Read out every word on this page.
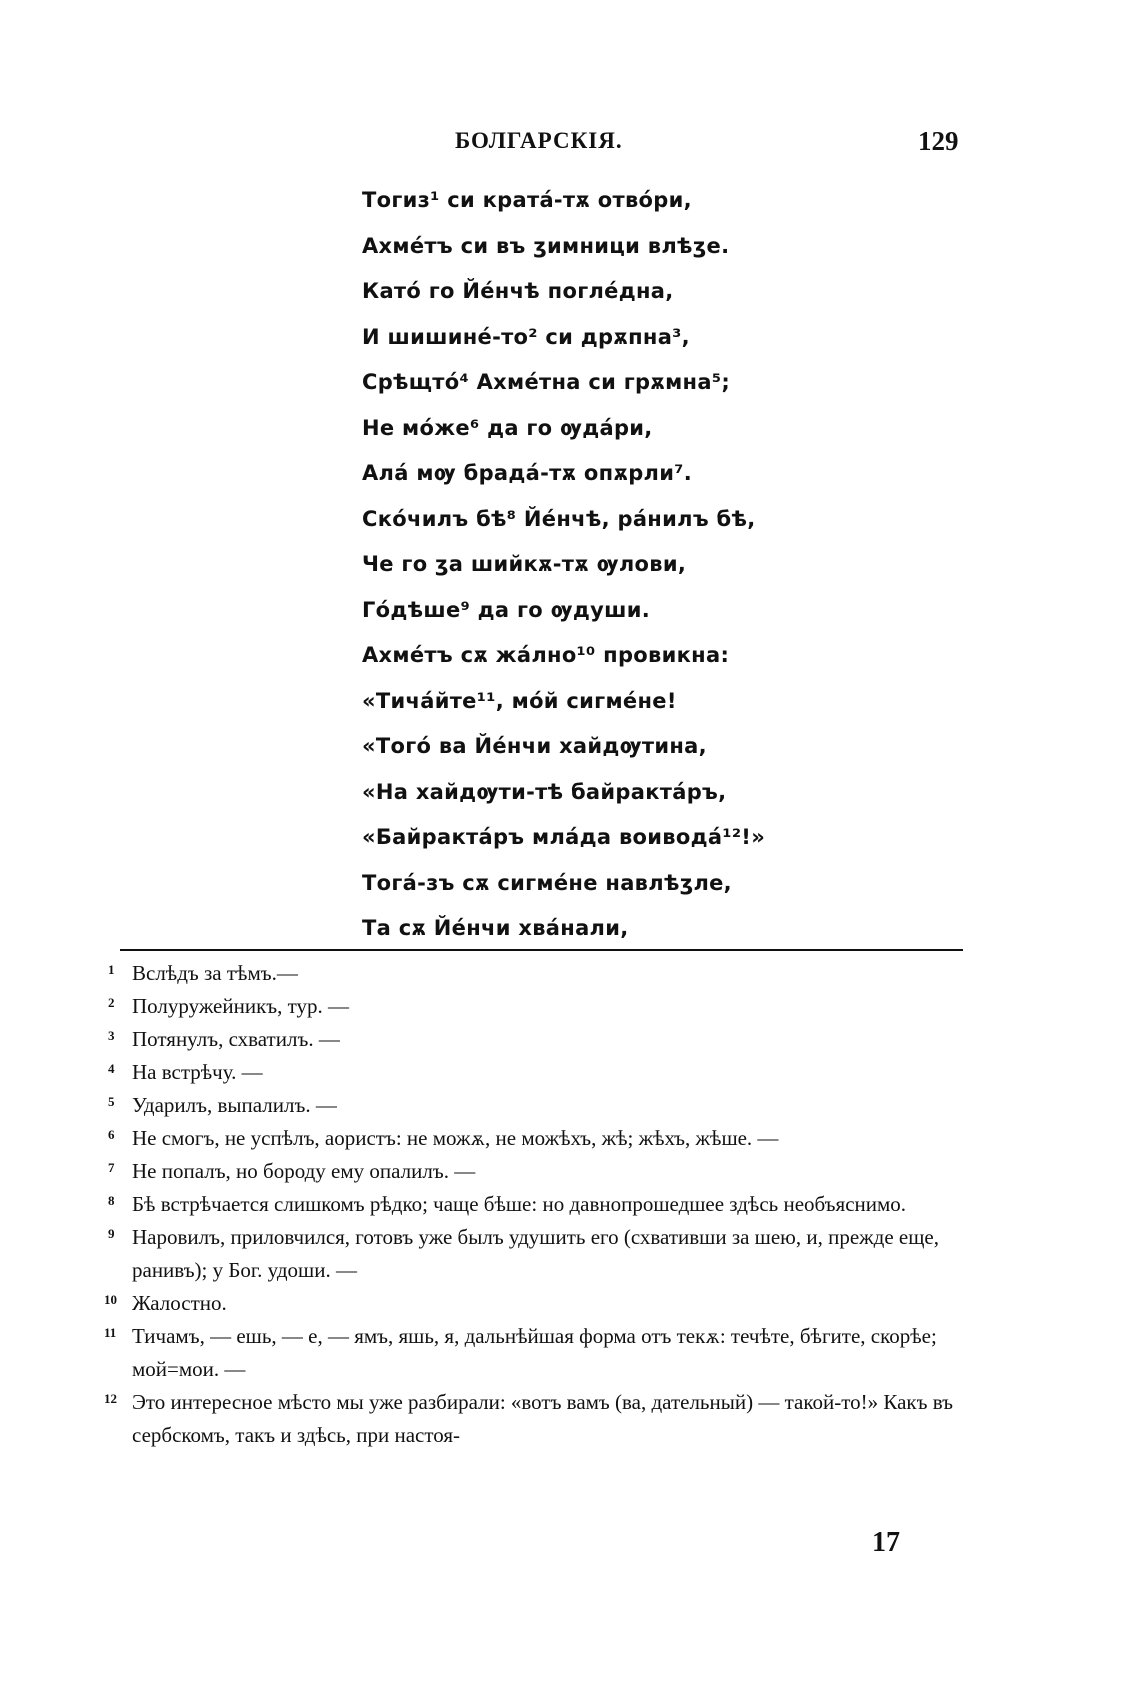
БОЛГАРСКІЯ.	129
Тогиз¹ си кратá-тѫ отвóри,
Ахмéтъ си въ ӡимници влѣӡе.
Катó го Йéнчѣ поглéдна,
И шишинé-то² си дрѫпна³,
Срѣщтó⁴ Ахмéтна си грѫмна⁵;
Не мóже⁶ да го ѹдáри,
Алá мѹ брадá-тѫ опѫрли⁷.
Скóчилъ бѣ⁸ Йéнчѣ, рáнилъ бѣ,
Че го ӡа шийкѫ-тѫ ѹлови,
Гóдѣше⁹ да го ѹдуши.
Ахмéтъ сѫ жáлно¹⁰ провикна:
«Тичáйте¹¹, мóй сигмéне!
«Тогó ва Йéнчи хайдѹтина,
«На хайдѹти-тѣ байрактáръ,
«Байрактáръ млáда воиводá¹²!»
Тогá-зъ сѫ сигмéне навлѣӡле,
Та сѫ Йéнчи хвáнали,
1 Вслѣдъ за тѣмъ.—
2 Полуружейникъ, тур. —
3 Потянулъ, схватилъ. —
4 На встрѣчу. —
5 Ударилъ, выпалилъ. —
6 Не смогъ, не успѣлъ, аористъ: не можѫ, не можѣхъ, жѣ; жѣхъ, жѣше. —
7 Не попалъ, но бороду ему опалилъ. —
8 Бѣ встрѣчается слишкомъ рѣдко; чаще бѣше: но давнопрошедшее здѣсь необъяснимо.
9 Наровилъ, приловчился, готовъ уже былъ удушить его (схвативши за шею, и, прежде еще, ранивъ); у Бог. удоши. —
10 Жалостно.
11 Тичамъ, — ешь, — е, — ямъ, яшь, я, дальнѣйшая форма отъ текѫ: течѣте, бѣгите, скорѣе; мой=мои. —
12 Это интересное мѣсто мы уже разбирали: «вотъ вамъ (ва, дательный) — такой-то!» Какъ въ сербскомъ, такъ и здѣсь, при настоя-
17
